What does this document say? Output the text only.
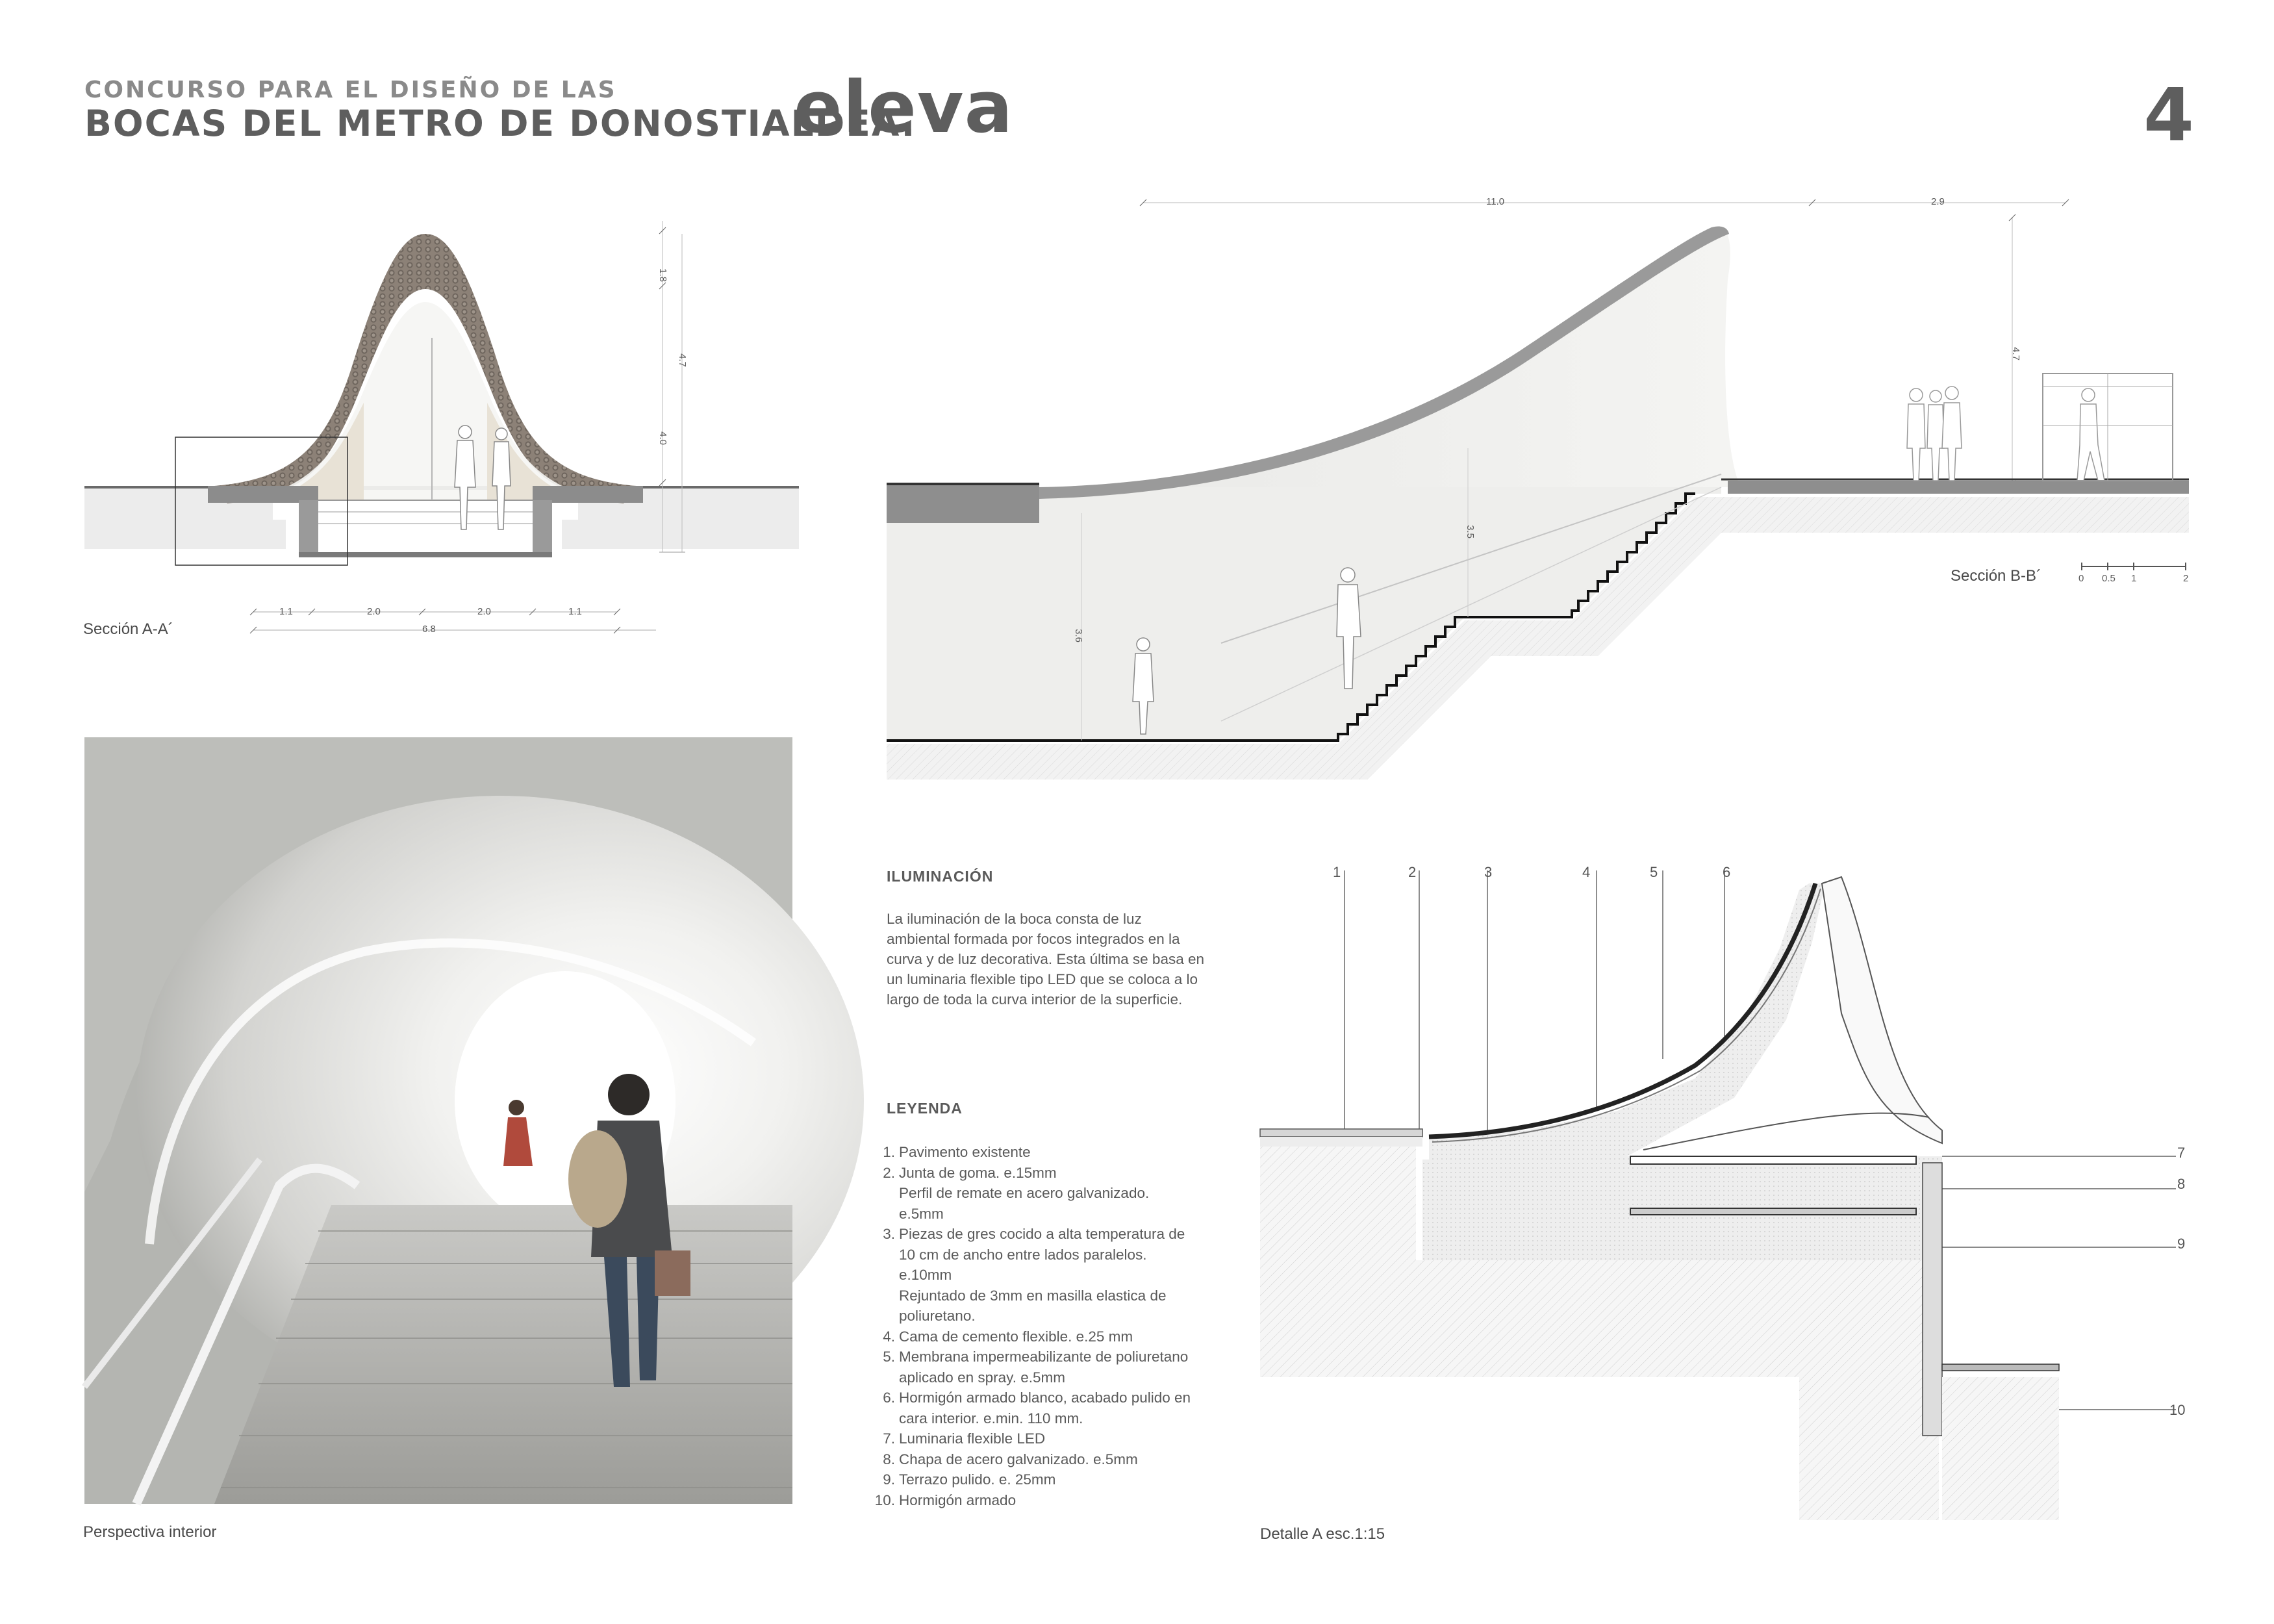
CONCURSO PARA EL DISEÑO DE LAS
BOCAS DEL METRO DE DONOSTIALDEA.
eleva	4
1.8
4.7
4.0
1.1	2.0	2.0	1.1
6.8
Sección A-A´
11.0	2.9
4.7
3.5
3.6
Sección B-B´	0 0.5 1	2
Perspectiva interior
ILUMINACIÓN
La iluminación de la boca consta de luz ambiental formada por focos integrados en la curva y de luz decorativa. Esta última se basa en un luminaria flexible tipo LED que se coloca a lo largo de toda la curva interior de la superficie.
LEYENDA
1. Pavimento existente
2. Junta de goma. e.15mm
Perfil de remate en acero galvanizado. e.5mm
3. Piezas de gres cocido a alta temperatura de 10 cm de ancho entre lados paralelos. e.10mm
Rejuntado de 3mm en masilla elastica de poliuretano.
4. Cama de cemento flexible. e.25 mm
5. Membrana impermeabilizante de poliuretano aplicado en spray. e.5mm
6. Hormigón armado blanco, acabado pulido en cara interior. e.min. 110 mm.
7. Luminaria flexible LED
8. Chapa de acero galvanizado. e.5mm
9. Terrazo pulido. e. 25mm
10. Hormigón armado
1	2	3	4	5	6
7
8
9
10
Detalle A esc.1:15
